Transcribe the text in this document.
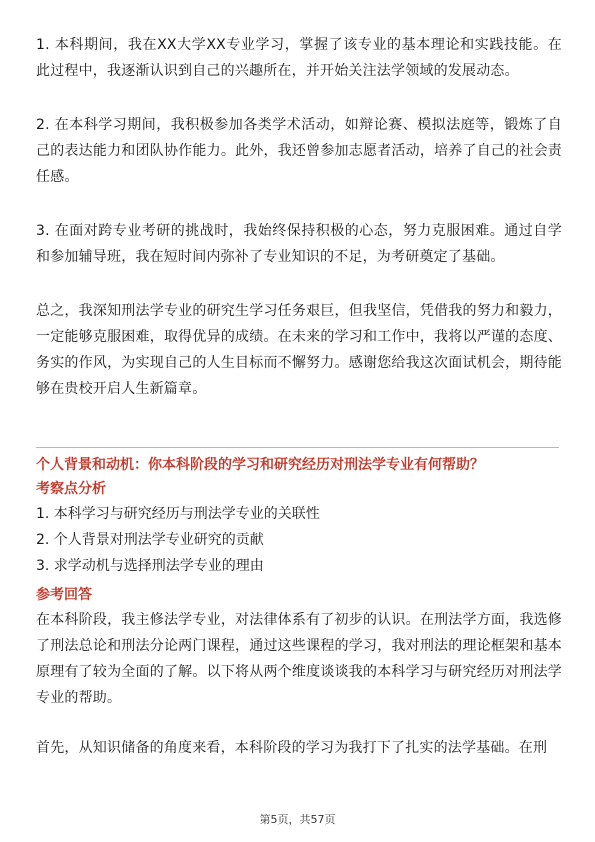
1. 本科期间，我在XX大学XX专业学习，掌握了该专业的基本理论和实践技能。在此过程中，我逐渐认识到自己的兴趣所在，并开始关注法学领域的发展动态。

2. 在本科学习期间，我积极参加各类学术活动，如辩论赛、模拟法庭等，锻炼了自己的表达能力和团队协作能力。此外，我还曾参加志愿者活动，培养了自己的社会责任感。

3. 在面对跨专业考研的挑战时，我始终保持积极的心态，努力克服困难。通过自学和参加辅导班，我在短时间内弥补了专业知识的不足，为考研奠定了基础。

总之，我深知刑法学专业的研究生学习任务艰巨，但我坚信，凭借我的努力和毅力，一定能够克服困难，取得优异的成绩。在未来的学习和工作中，我将以严谨的态度、务实的作风，为实现自己的人生目标而不懈努力。感谢您给我这次面试机会，期待能够在贵校开启人生新篇章。

个人背景和动机：你本科阶段的学习和研究经历对刑法学专业有何帮助？

考察点分析

1. 本科学习与研究经历与刑法学专业的关联性

2. 个人背景对刑法学专业研究的贡献

3. 求学动机与选择刑法学专业的理由

参考回答

在本科阶段，我主修法学专业，对法律体系有了初步的认识。在刑法学方面，我选修了刑法总论和刑法分论两门课程，通过这些课程的学习，我对刑法的理论框架和基本原理有了较为全面的了解。以下将从两个维度谈谈我的本科学习与研究经历对刑法学专业的帮助。

首先，从知识储备的角度来看，本科阶段的学习为我打下了扎实的法学基础。在刑

第5页，共57页
